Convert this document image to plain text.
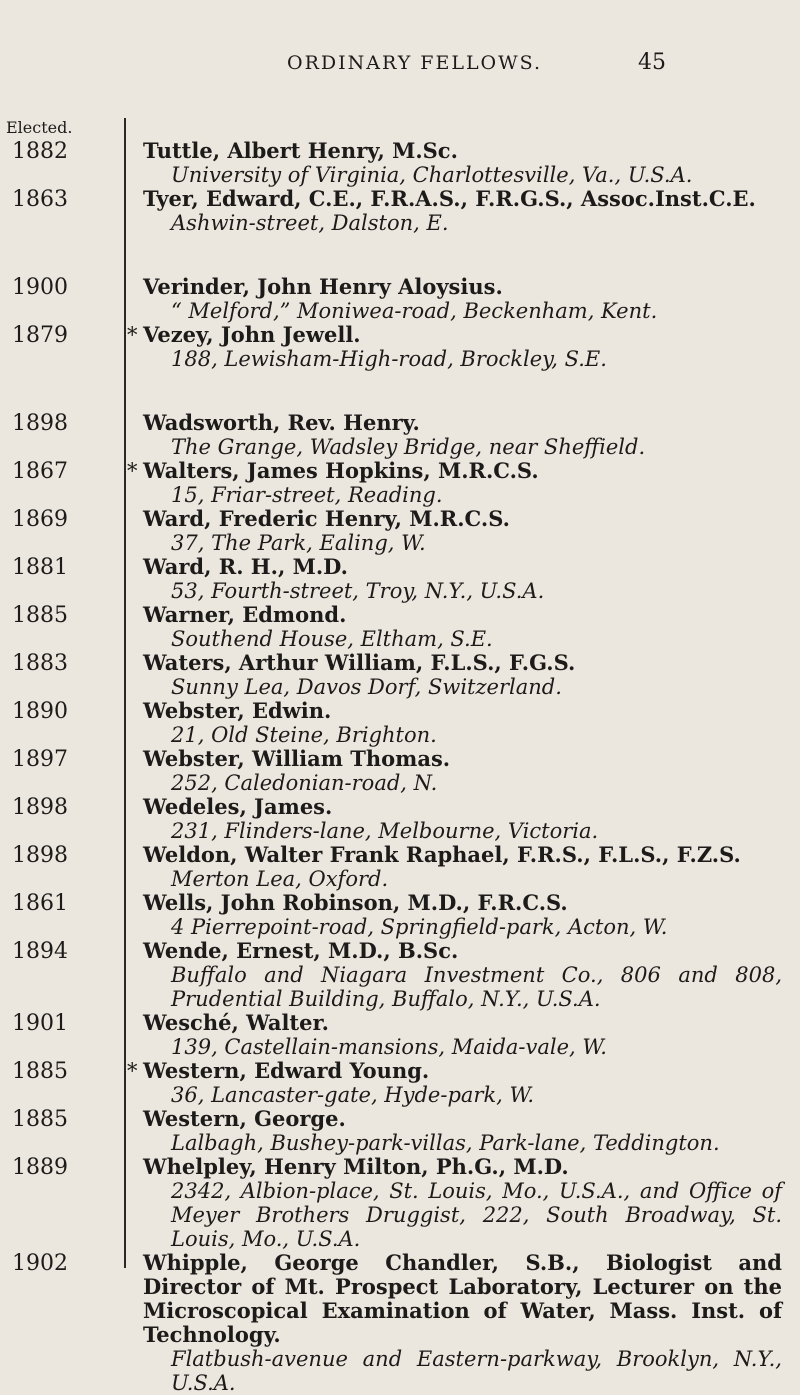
ORDINARY FELLOWS.	45
Elected.
1882	Tuttle, Albert Henry, M.Sc.
University of Virginia, Charlottesville, Va., U.S.A.
1863	Tyer, Edward, C.E., F.R.A.S., F.R.G.S., Assoc.Inst.C.E.
Ashwin-street, Dalston, E.
1900	Verinder, John Henry Aloysius.
“ Melford,” Moniwea-road, Beckenham, Kent.
1879	* Vezey, John Jewell.
188, Lewisham-High-road, Brockley, S.E.
1898	Wadsworth, Rev. Henry.
The Grange, Wadsley Bridge, near Sheffield.
1867	* Walters, James Hopkins, M.R.C.S.
15, Friar-street, Reading.
1869	Ward, Frederic Henry, M.R.C.S.
37, The Park, Ealing, W.
1881	Ward, R. H., M.D.
53, Fourth-street, Troy, N.Y., U.S.A.
1885	Warner, Edmond.
Southend House, Eltham, S.E.
1883	Waters, Arthur William, F.L.S., F.G.S.
Sunny Lea, Davos Dorf, Switzerland.
1890	Webster, Edwin.
21, Old Steine, Brighton.
1897	Webster, William Thomas.
252, Caledonian-road, N.
1898	Wedeles, James.
231, Flinders-lane, Melbourne, Victoria.
1898	Weldon, Walter Frank Raphael, F.R.S., F.L.S., F.Z.S.
Merton Lea, Oxford.
1861	Wells, John Robinson, M.D., F.R.C.S.
4 Pierrepoint-road, Springfield-park, Acton, W.
1894	Wende, Ernest, M.D., B.Sc.
Buffalo and Niagara Investment Co., 806 and 808, Prudential Building, Buffalo, N.Y., U.S.A.
1901	Wesché, Walter.
139, Castellain-mansions, Maida-vale, W.
1885	* Western, Edward Young.
36, Lancaster-gate, Hyde-park, W.
1885	Western, George.
Lalbagh, Bushey-park-villas, Park-lane, Teddington.
1889	Whelpley, Henry Milton, Ph.G., M.D.
2342, Albion-place, St. Louis, Mo., U.S.A., and Office of Meyer Brothers Druggist, 222, South Broadway, St. Louis, Mo., U.S.A.
1902	Whipple, George Chandler, S.B., Biologist and Director of Mt. Prospect Laboratory, Lecturer on the Microscopical Examination of Water, Mass. Inst. of Technology.
Flatbush-avenue and Eastern-parkway, Brooklyn, N.Y., U.S.A.
